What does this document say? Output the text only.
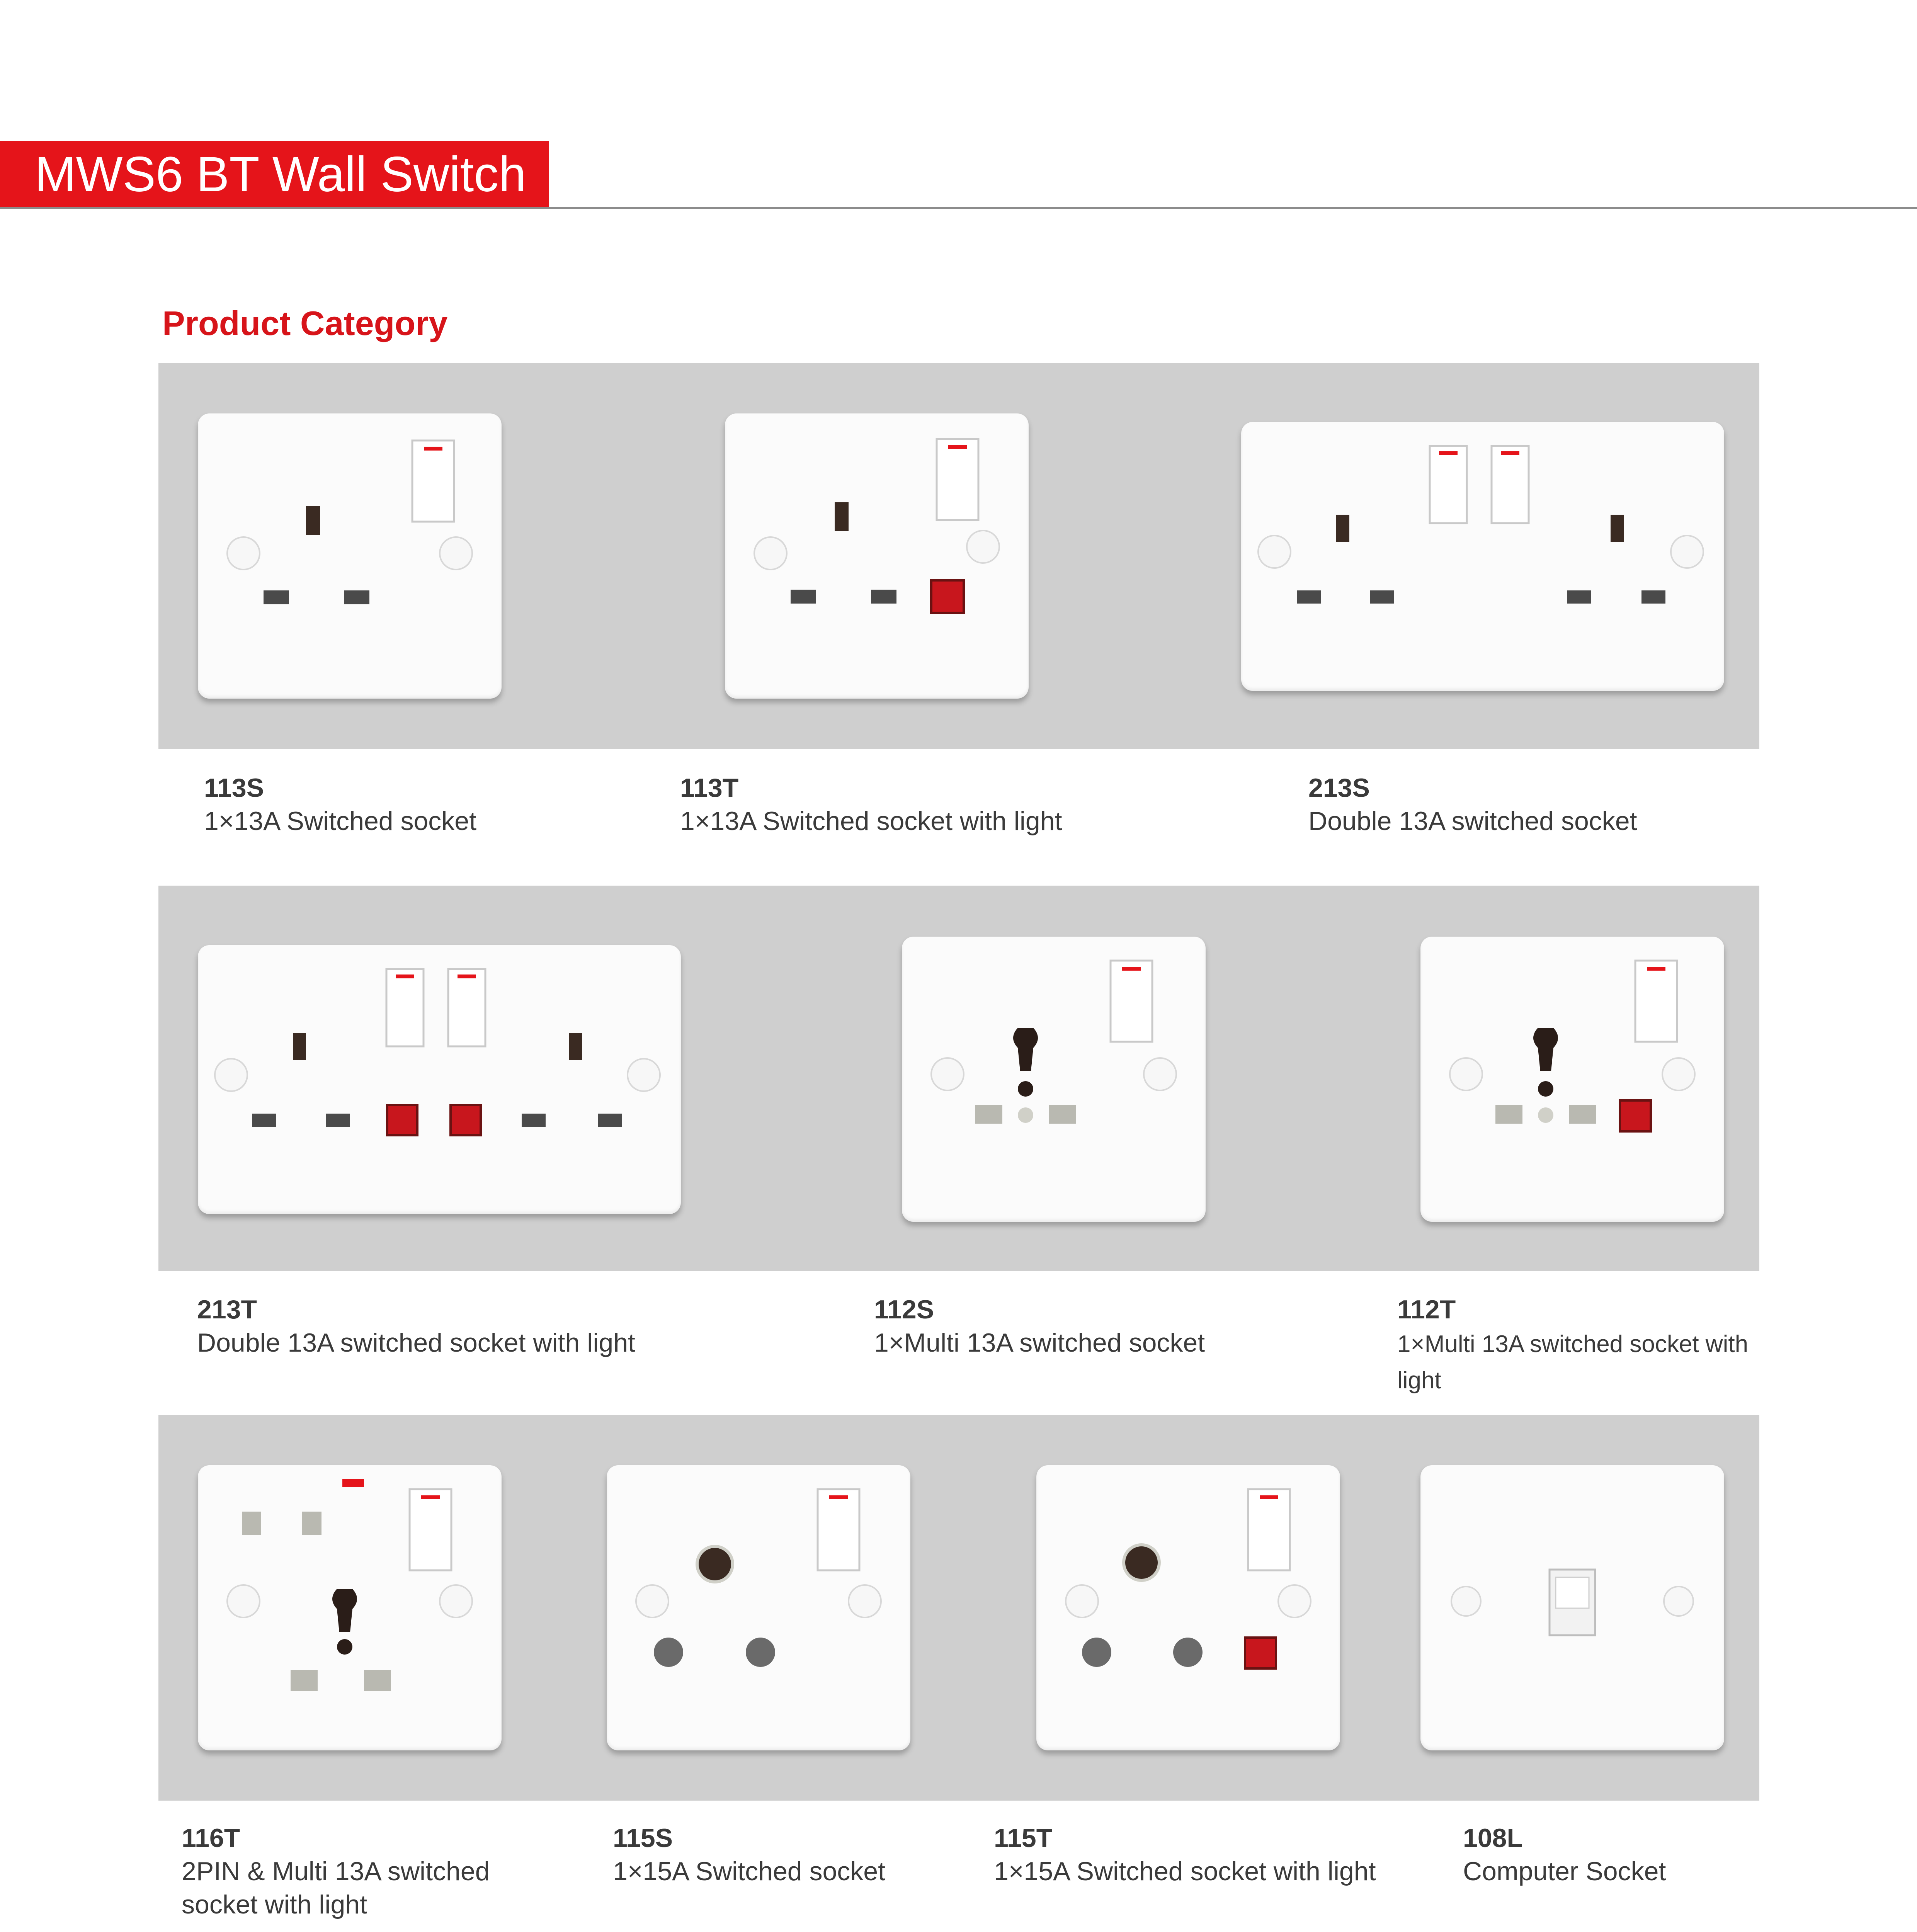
MWS6 BT Wall Switch
Product Category
113S
1×13A Switched socket
113T
1×13A Switched socket with light
213S
Double 13A switched socket
213T
Double 13A switched socket with light
112S
1×Multi 13A switched socket
112T
1×Multi 13A switched socket with
light
116T
2PIN & Multi 13A switched
socket with light
115S
1×15A Switched socket
115T
1×15A Switched socket with light
108L
Computer Socket
